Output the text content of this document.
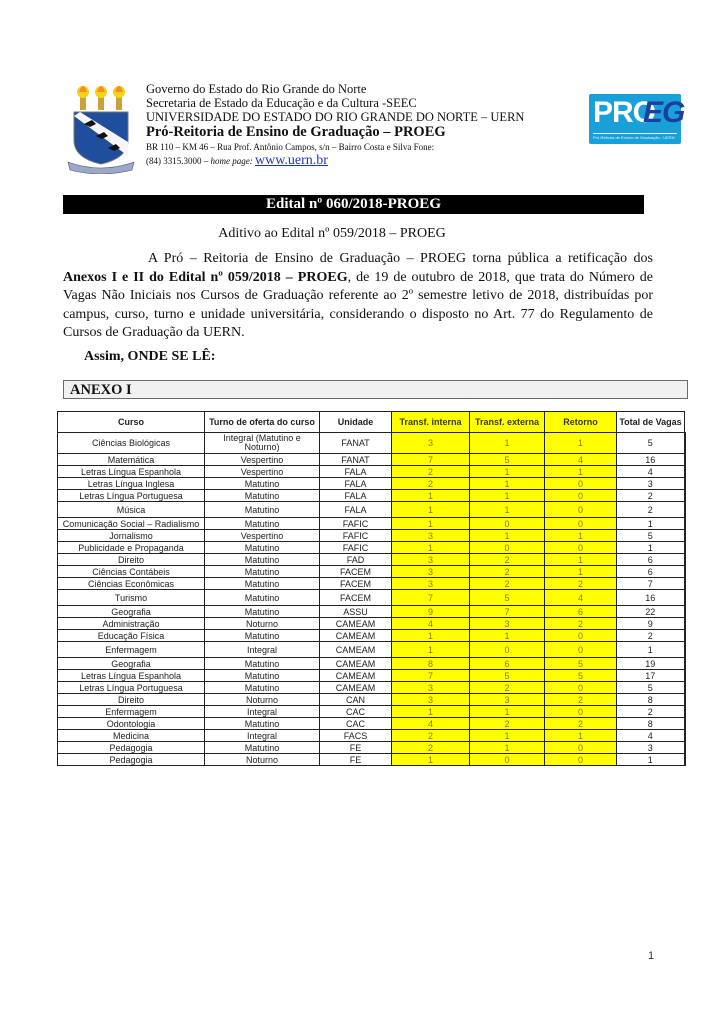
Governo do Estado do Rio Grande do Norte
Secretaria de Estado da Educação e da Cultura -SEEC
UNIVERSIDADE DO ESTADO DO RIO GRANDE DO NORTE – UERN
Pró-Reitoria de Ensino de Graduação – PROEG
BR 110 – KM 46 – Rua Prof. Antônio Campos, s/n – Bairro Costa e Silva Fone:
(84) 3315.3000 – home page: www.uern.br
PRO
EG
Pró-Reitoria de Ensino de Graduação · UERN
Edital nº 060/2018-PROEG
Aditivo ao Edital nº 059/2018 – PROEG
A Pró – Reitoria de Ensino de Graduação – PROEG torna pública a retificação dos Anexos I e II do Edital nº 059/2018 – PROEG, de 19 de outubro de 2018, que trata do Número de Vagas Não Iniciais nos Cursos de Graduação referente ao 2º semestre letivo de 2018, distribuídas por campus, curso, turno e unidade universitária, considerando o disposto no Art. 77 do Regulamento de Cursos de Graduação da UERN.
Assim, ONDE SE LÊ:
ANEXO I
Curso	Turno de oferta do curso	Unidade	Transf. interna	Transf. externa	Retorno	Total de Vagas
Ciências Biológicas	Integral (Matutino e Noturno)	FANAT	3	1	1	5
Matemática	Vespertino	FANAT	7	5	4	16
Letras Língua Espanhola	Vespertino	FALA	2	1	1	4
Letras Língua Inglesa	Matutino	FALA	2	1	0	3
Letras Língua Portuguesa	Matutino	FALA	1	1	0	2
Música	Matutino	FALA	1	1	0	2
Comunicação Social – Radialismo	Matutino	FAFIC	1	0	0	1
Jornalismo	Vespertino	FAFIC	3	1	1	5
Publicidade e Propaganda	Matutino	FAFIC	1	0	0	1
Direito	Matutino	FAD	3	2	1	6
Ciências Contábeis	Matutino	FACEM	3	2	1	6
Ciências Econômicas	Matutino	FACEM	3	2	2	7
Turismo	Matutino	FACEM	7	5	4	16
Geografia	Matutino	ASSU	9	7	6	22
Administração	Noturno	CAMEAM	4	3	2	9
Educação Física	Matutino	CAMEAM	1	1	0	2
Enfermagem	Integral	CAMEAM	1	0	0	1
Geografia	Matutino	CAMEAM	8	6	5	19
Letras Língua Espanhola	Matutino	CAMEAM	7	5	5	17
Letras Língua Portuguesa	Matutino	CAMEAM	3	2	0	5
Direito	Noturno	CAN	3	3	2	8
Enfermagem	Integral	CAC	1	1	0	2
Odontologia	Matutino	CAC	4	2	2	8
Medicina	Integral	FACS	2	1	1	4
Pedagogia	Matutino	FE	2	1	0	3
Pedagogia	Noturno	FE	1	0	0	1
1
